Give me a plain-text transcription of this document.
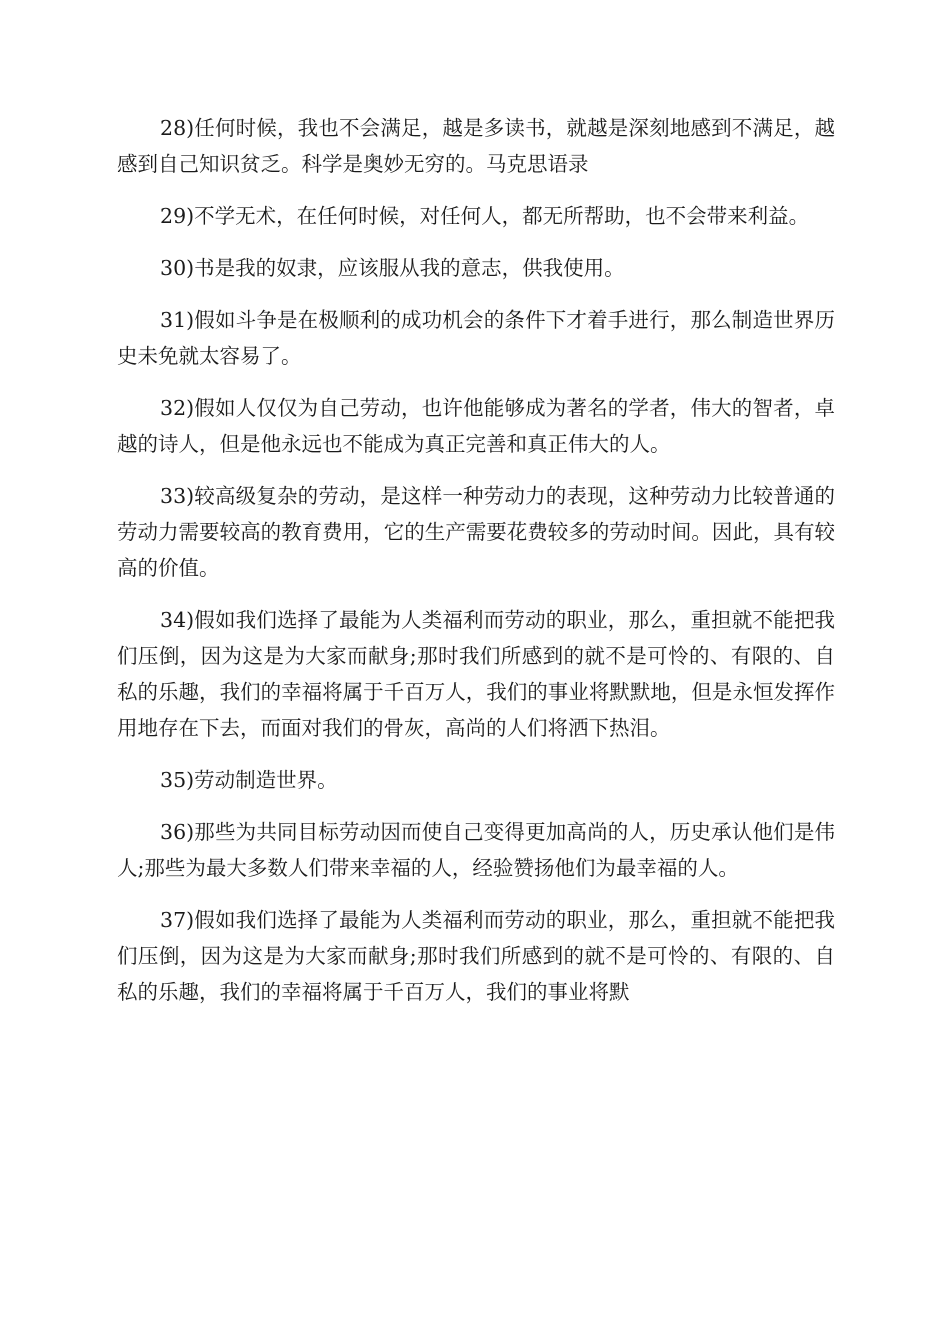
28)任何时候，我也不会满足，越是多读书，就越是深刻地感到不满足，越感到自己知识贫乏。科学是奥妙无穷的。马克思语录

29)不学无术，在任何时候，对任何人，都无所帮助，也不会带来利益。

30)书是我的奴隶，应该服从我的意志，供我使用。

31)假如斗争是在极顺利的成功机会的条件下才着手进行，那么制造世界历史未免就太容易了。

32)假如人仅仅为自己劳动，也许他能够成为著名的学者，伟大的智者，卓越的诗人，但是他永远也不能成为真正完善和真正伟大的人。

33)较高级复杂的劳动，是这样一种劳动力的表现，这种劳动力比较普通的劳动力需要较高的教育费用，它的生产需要花费较多的劳动时间。因此，具有较高的价值。

34)假如我们选择了最能为人类福利而劳动的职业，那么，重担就不能把我们压倒，因为这是为大家而献身;那时我们所感到的就不是可怜的、有限的、自私的乐趣，我们的幸福将属于千百万人，我们的事业将默默地，但是永恒发挥作用地存在下去，而面对我们的骨灰，高尚的人们将洒下热泪。

35)劳动制造世界。

36)那些为共同目标劳动因而使自己变得更加高尚的人，历史承认他们是伟人;那些为最大多数人们带来幸福的人，经验赞扬他们为最幸福的人。

37)假如我们选择了最能为人类福利而劳动的职业，那么，重担就不能把我们压倒，因为这是为大家而献身;那时我们所感到的就不是可怜的、有限的、自私的乐趣，我们的幸福将属于千百万人，我们的事业将默
